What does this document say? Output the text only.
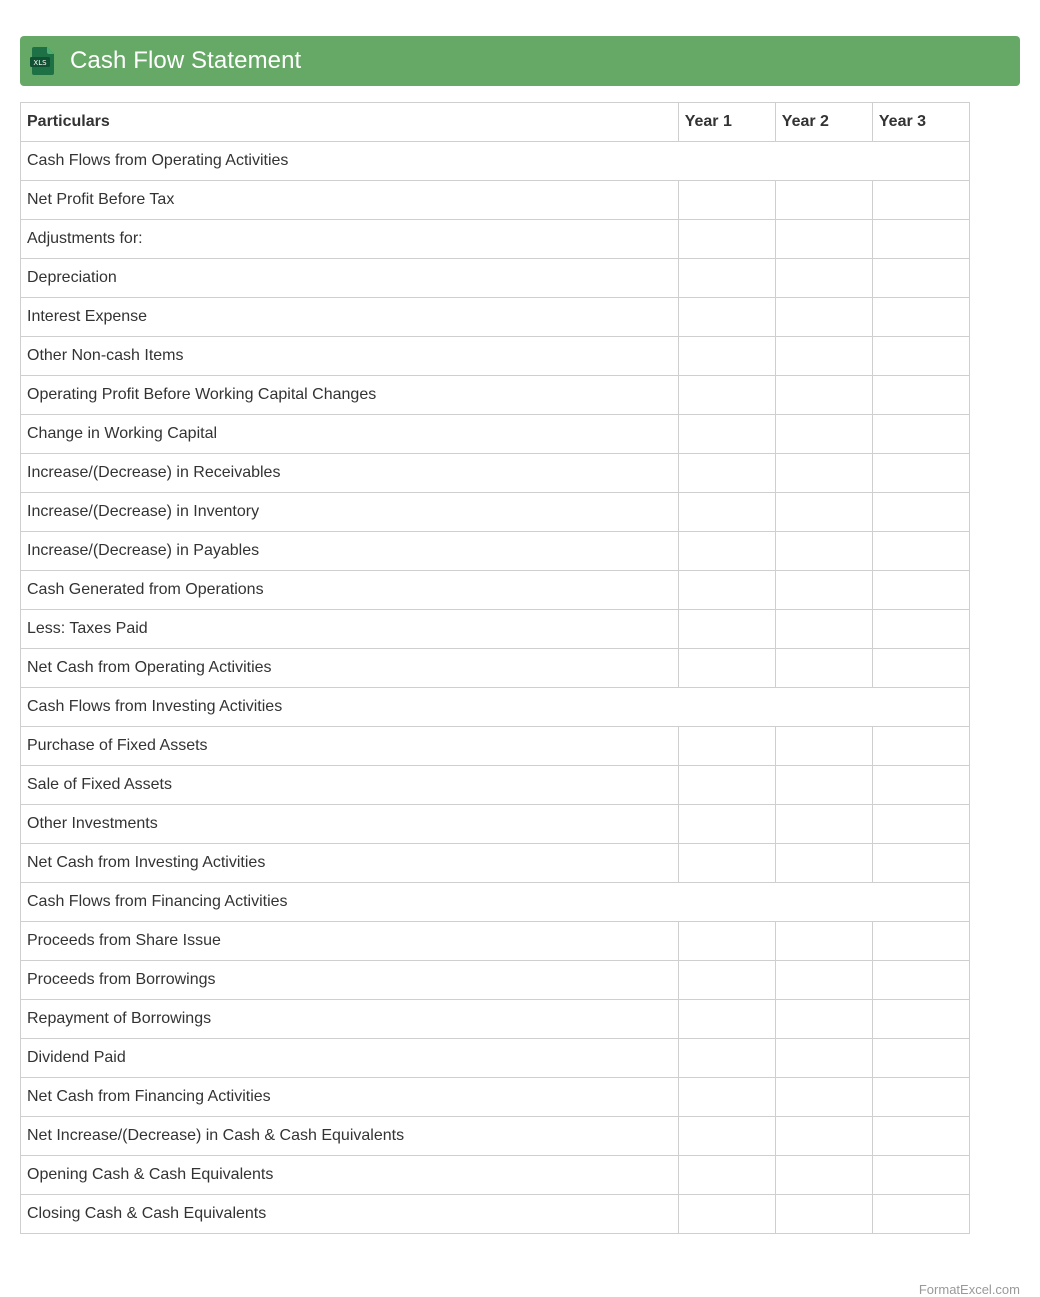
XLS Cash Flow Statement
Particulars	Year 1	Year 2	Year 3
Cash Flows from Operating Activities			
Net Profit Before Tax			
Adjustments for:			
Depreciation			
Interest Expense			
Other Non-cash Items			
Operating Profit Before Working Capital Changes			
Change in Working Capital			
Increase/(Decrease) in Receivables			
Increase/(Decrease) in Inventory			
Increase/(Decrease) in Payables			
Cash Generated from Operations			
Less: Taxes Paid			
Net Cash from Operating Activities			
Cash Flows from Investing Activities			
Purchase of Fixed Assets			
Sale of Fixed Assets			
Other Investments			
Net Cash from Investing Activities			
Cash Flows from Financing Activities			
Proceeds from Share Issue			
Proceeds from Borrowings			
Repayment of Borrowings			
Dividend Paid			
Net Cash from Financing Activities			
Net Increase/(Decrease) in Cash & Cash Equivalents			
Opening Cash & Cash Equivalents			
Closing Cash & Cash Equivalents			
FormatExcel.com
